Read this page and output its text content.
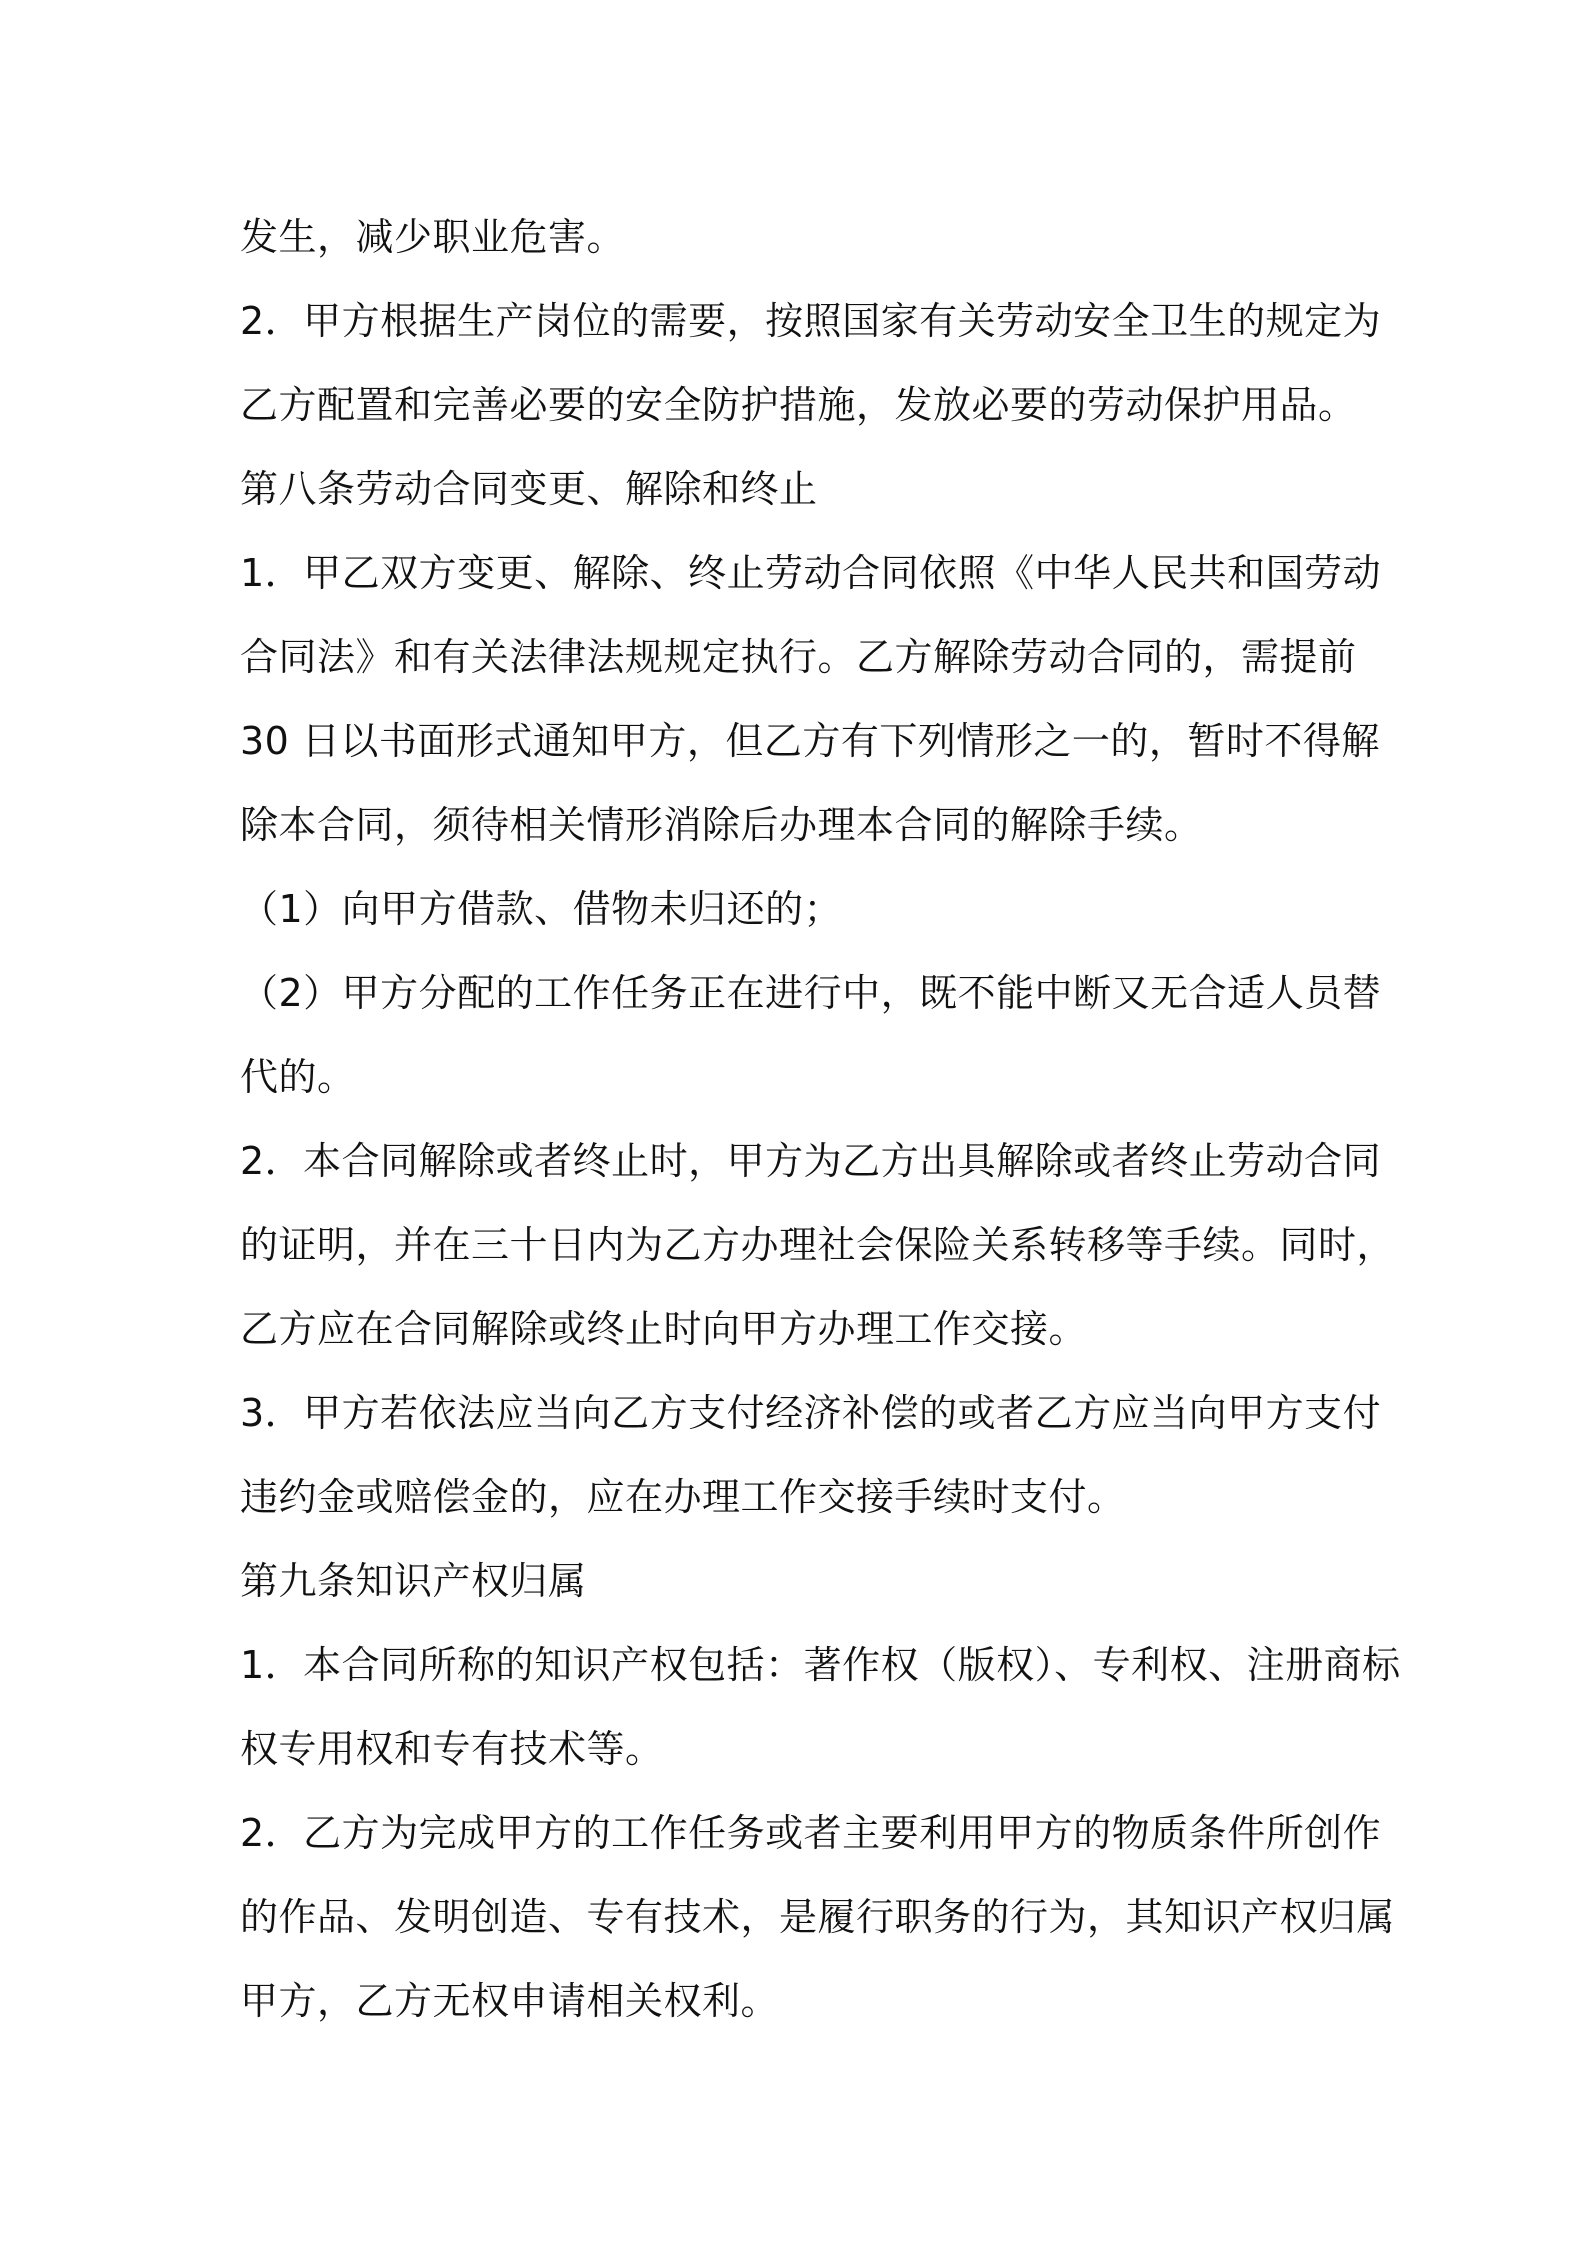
发生，减少职业危害。

2．甲方根据生产岗位的需要，按照国家有关劳动安全卫生的规定为

乙方配置和完善必要的安全防护措施，发放必要的劳动保护用品。

第八条劳动合同变更、解除和终止

1．甲乙双方变更、解除、终止劳动合同依照《中华人民共和国劳动

合同法》和有关法律法规规定执行。乙方解除劳动合同的，需提前

30 日以书面形式通知甲方，但乙方有下列情形之一的，暂时不得解

除本合同，须待相关情形消除后办理本合同的解除手续。

（1）向甲方借款、借物未归还的；

（2）甲方分配的工作任务正在进行中，既不能中断又无合适人员替

代的。

2．本合同解除或者终止时，甲方为乙方出具解除或者终止劳动合同

的证明，并在三十日内为乙方办理社会保险关系转移等手续。同时，

乙方应在合同解除或终止时向甲方办理工作交接。

3．甲方若依法应当向乙方支付经济补偿的或者乙方应当向甲方支付

违约金或赔偿金的，应在办理工作交接手续时支付。

第九条知识产权归属

1．本合同所称的知识产权包括：著作权（版权）、专利权、注册商标

权专用权和专有技术等。

2．乙方为完成甲方的工作任务或者主要利用甲方的物质条件所创作

的作品、发明创造、专有技术，是履行职务的行为，其知识产权归属

甲方，乙方无权申请相关权利。
